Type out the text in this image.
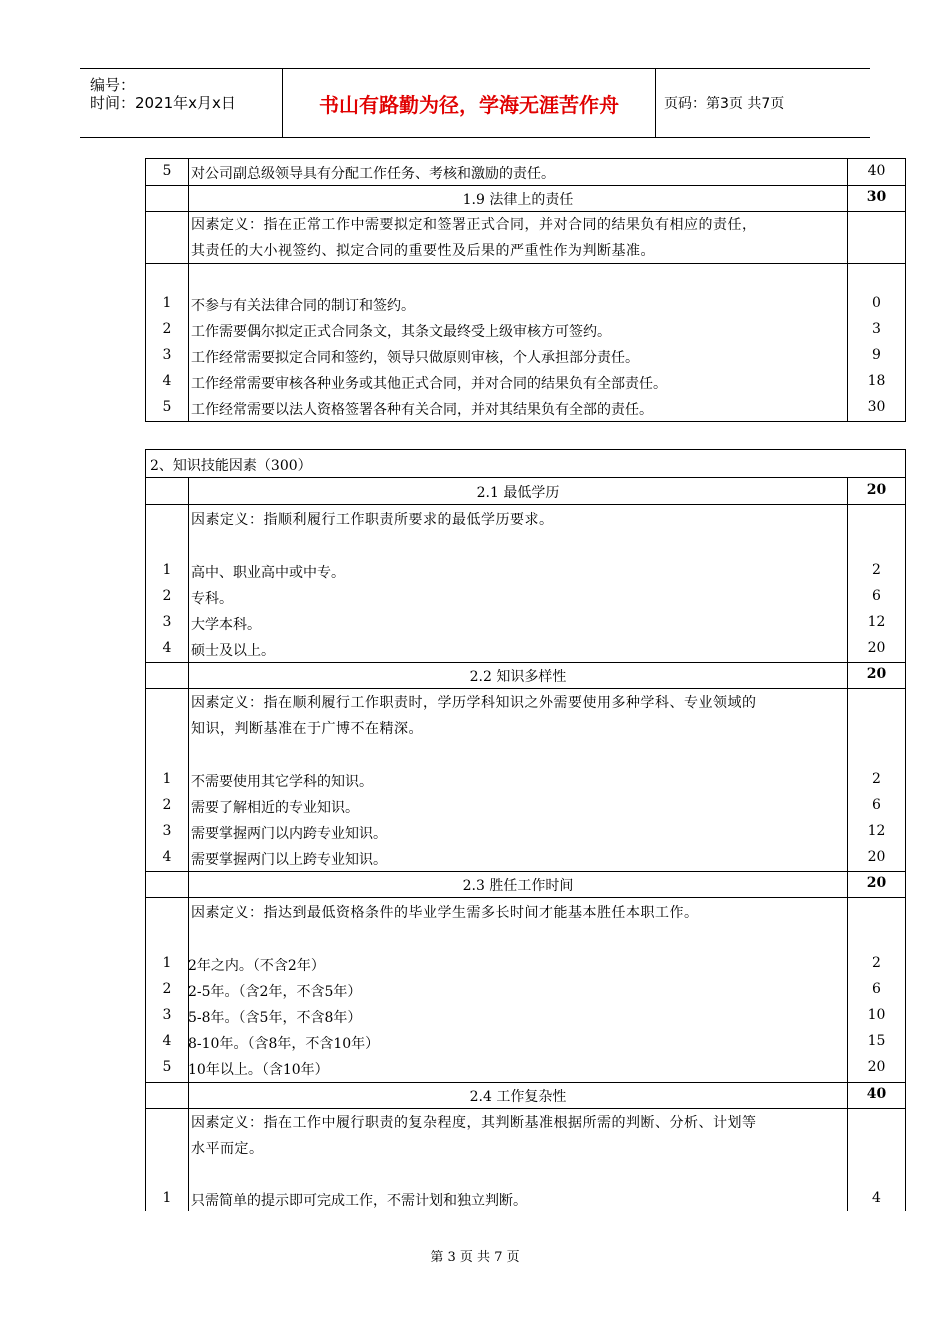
编号：
时间：2021年x月x日	书山有路勤为径，学海无涯苦作舟	页码：第3页 共7页
5	对公司副总级领导具有分配工作任务、考核和激励的责任。	40
1.9 法律上的责任	30
因素定义：指在正常工作中需要拟定和签署正式合同，并对合同的结果负有相应的责任，
其责任的大小视签约、拟定合同的重要性及后果的严重性作为判断基准。
1	不参与有关法律合同的制订和签约。	0
2	工作需要偶尔拟定正式合同条文，其条文最终受上级审核方可签约。	3
3	工作经常需要拟定合同和签约，领导只做原则审核，个人承担部分责任。	9
4	工作经常需要审核各种业务或其他正式合同，并对合同的结果负有全部责任。	18
5	工作经常需要以法人资格签署各种有关合同，并对其结果负有全部的责任。	30
2、知识技能因素（300）
2.1 最低学历	20
因素定义：指顺利履行工作职责所要求的最低学历要求。
1	高中、职业高中或中专。	2
2	专科。	6
3	大学本科。	12
4	硕士及以上。	20
2.2 知识多样性	20
因素定义：指在顺利履行工作职责时，学历学科知识之外需要使用多种学科、专业领域的
知识，判断基准在于广博不在精深。
1	不需要使用其它学科的知识。	2
2	需要了解相近的专业知识。	6
3	需要掌握两门以内跨专业知识。	12
4	需要掌握两门以上跨专业知识。	20
2.3 胜任工作时间	20
因素定义：指达到最低资格条件的毕业学生需多长时间才能基本胜任本职工作。
1	2年之内。（不含2年）	2
2	2-5年。（含2年，不含5年）	6
3	5-8年。（含5年，不含8年）	10
4	8-10年。（含8年，不含10年）	15
5	10年以上。（含10年）	20
2.4 工作复杂性	40
因素定义：指在工作中履行职责的复杂程度，其判断基准根据所需的判断、分析、计划等
水平而定。
1	只需简单的提示即可完成工作，不需计划和独立判断。	4
第 3 页 共 7 页
